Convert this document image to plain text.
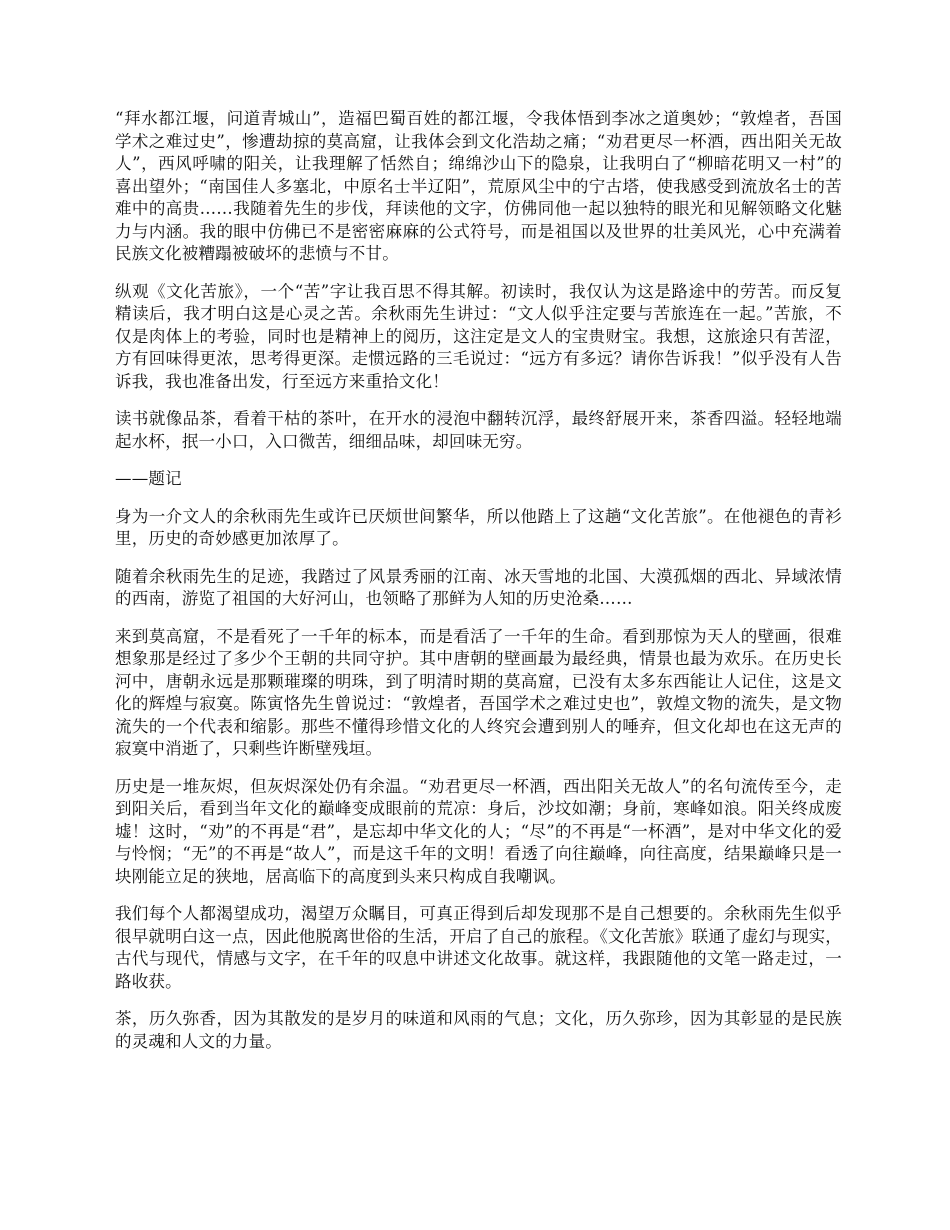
“拜水都江堰，问道青城山”，造福巴蜀百姓的都江堰，令我体悟到李冰之道奥妙；“敦煌者，吾国学术之难过史”，惨遭劫掠的莫高窟，让我体会到文化浩劫之痛；“劝君更尽一杯酒，西出阳关无故人”，西风呼啸的阳关，让我理解了恬然自；绵绵沙山下的隐泉，让我明白了“柳暗花明又一村”的喜出望外；“南国佳人多塞北，中原名士半辽阳”，荒原风尘中的宁古塔，使我感受到流放名士的苦难中的高贵……我随着先生的步伐，拜读他的文字，仿佛同他一起以独特的眼光和见解领略文化魅力与内涵。我的眼中仿佛已不是密密麻麻的公式符号，而是祖国以及世界的壮美风光，心中充满着民族文化被糟蹋被破坏的悲愤与不甘。

纵观《文化苦旅》，一个“苦”字让我百思不得其解。初读时，我仅认为这是路途中的劳苦。而反复精读后，我才明白这是心灵之苦。余秋雨先生讲过：“文人似乎注定要与苦旅连在一起。”苦旅，不仅是肉体上的考验，同时也是精神上的阅历，这注定是文人的宝贵财宝。我想，这旅途只有苦涩，方有回味得更浓，思考得更深。走惯远路的三毛说过：“远方有多远？请你告诉我！”似乎没有人告诉我，我也准备出发，行至远方来重拾文化！

读书就像品茶，看着干枯的茶叶，在开水的浸泡中翻转沉浮，最终舒展开来，茶香四溢。轻轻地端起水杯，抿一小口，入口微苦，细细品味，却回味无穷。

——题记

身为一介文人的余秋雨先生或许已厌烦世间繁华，所以他踏上了这趟“文化苦旅”。在他褪色的青衫里，历史的奇妙感更加浓厚了。

随着余秋雨先生的足迹，我踏过了风景秀丽的江南、冰天雪地的北国、大漠孤烟的西北、异域浓情的西南，游览了祖国的大好河山，也领略了那鲜为人知的历史沧桑……

来到莫高窟，不是看死了一千年的标本，而是看活了一千年的生命。看到那惊为天人的壁画，很难想象那是经过了多少个王朝的共同守护。其中唐朝的壁画最为最经典，情景也最为欢乐。在历史长河中，唐朝永远是那颗璀璨的明珠，到了明清时期的莫高窟，已没有太多东西能让人记住，这是文化的辉煌与寂寞。陈寅恪先生曾说过：“敦煌者，吾国学术之难过史也”，敦煌文物的流失，是文物流失的一个代表和缩影。那些不懂得珍惜文化的人终究会遭到别人的唾弃，但文化却也在这无声的寂寞中消逝了，只剩些许断壁残垣。

历史是一堆灰烬，但灰烬深处仍有余温。“劝君更尽一杯酒，西出阳关无故人”的名句流传至今，走到阳关后，看到当年文化的巅峰变成眼前的荒凉：身后，沙坟如潮；身前，寒峰如浪。阳关终成废墟！这时，“劝”的不再是“君”，是忘却中华文化的人；“尽”的不再是“一杯酒”，是对中华文化的爱与怜悯；“无”的不再是“故人”，而是这千年的文明！看透了向往巅峰，向往高度，结果巅峰只是一块刚能立足的狭地，居高临下的高度到头来只构成自我嘲讽。

我们每个人都渴望成功，渴望万众瞩目，可真正得到后却发现那不是自己想要的。余秋雨先生似乎很早就明白这一点，因此他脱离世俗的生活，开启了自己的旅程。《文化苦旅》联通了虚幻与现实，古代与现代，情感与文字，在千年的叹息中讲述文化故事。就这样，我跟随他的文笔一路走过，一路收获。

茶，历久弥香，因为其散发的是岁月的味道和风雨的气息；文化，历久弥珍，因为其彰显的是民族的灵魂和人文的力量。
